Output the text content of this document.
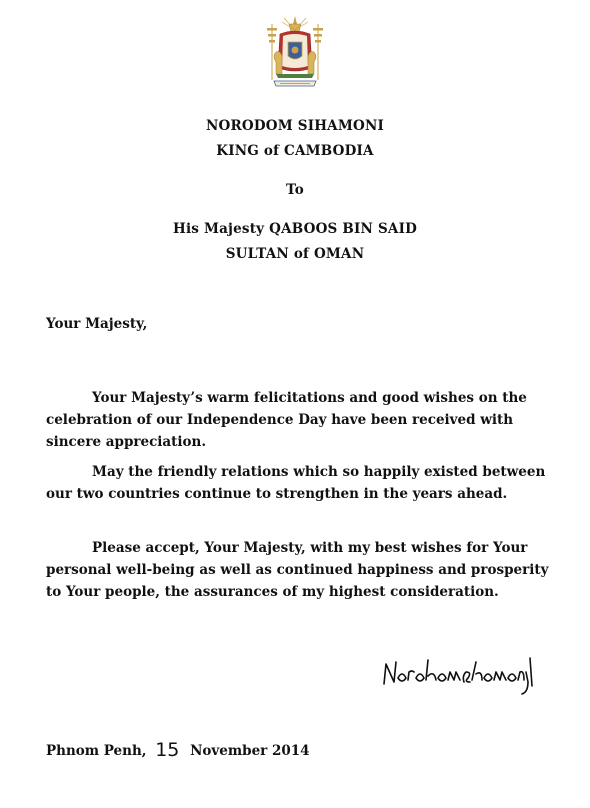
NORODOM SIHAMONI
KING of CAMBODIA
To
His Majesty QABOOS BIN SAID
SULTAN of OMAN
Your Majesty,
Your Majesty’s warm felicitations and good wishes on the celebration of our Independence Day have been received with sincere appreciation.
May the friendly relations which so happily existed between our two countries continue to strengthen in the years ahead.
Please accept, Your Majesty, with my best wishes for Your personal well-being as well as continued happiness and prosperity to Your people, the assurances of my highest consideration.
Phnom Penh, 15 November 2014
